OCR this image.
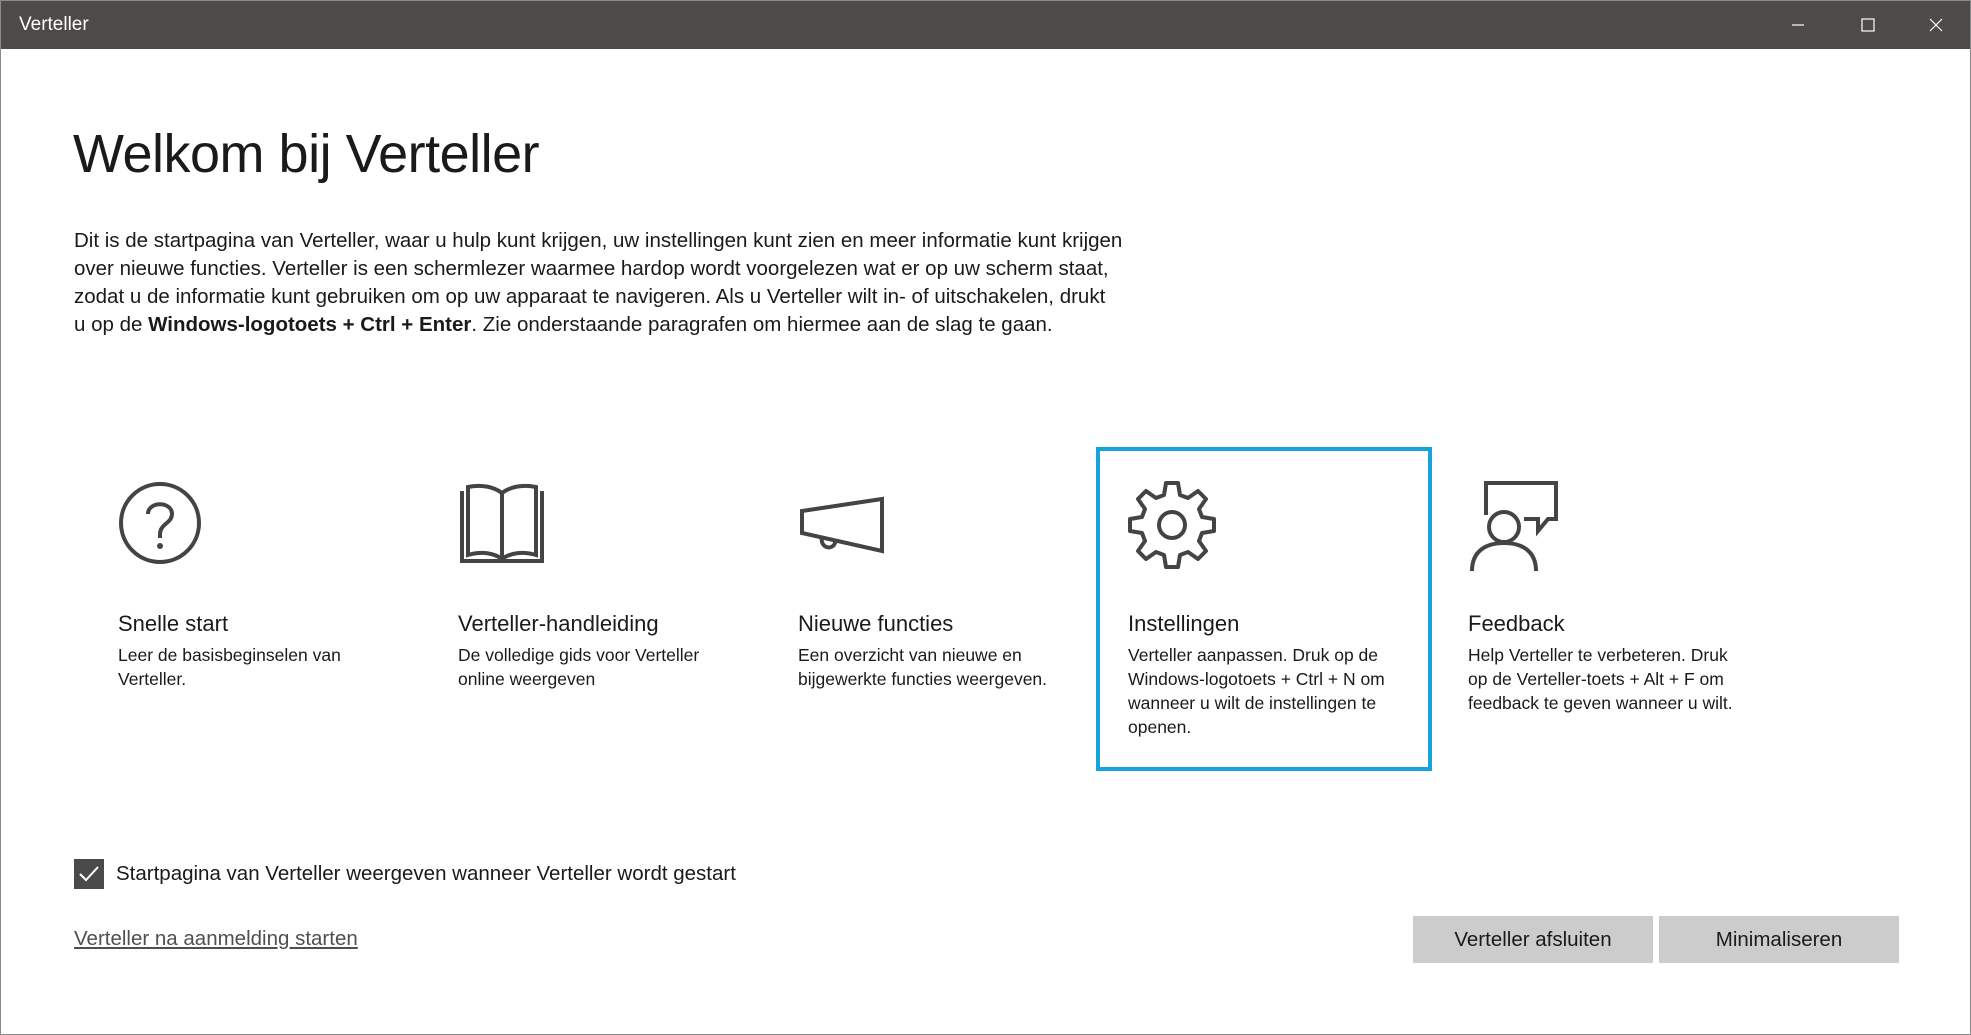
Verteller
Welkom bij Verteller

Dit is de startpagina van Verteller, waar u hulp kunt krijgen, uw instellingen kunt zien en meer informatie kunt krijgen
over nieuwe functies. Verteller is een schermlezer waarmee hardop wordt voorgelezen wat er op uw scherm staat,
zodat u de informatie kunt gebruiken om op uw apparaat te navigeren. Als u Verteller wilt in- of uitschakelen, drukt
u op de Windows-logotoets + Ctrl + Enter. Zie onderstaande paragrafen om hiermee aan de slag te gaan.

Snelle start
Leer de basisbeginselen van Verteller.
Verteller-handleiding
De volledige gids voor Verteller online weergeven
Nieuwe functies
Een overzicht van nieuwe en bijgewerkte functies weergeven.
Instellingen
Verteller aanpassen. Druk op de Windows-logotoets + Ctrl + N om wanneer u wilt de instellingen te openen.
Feedback
Help Verteller te verbeteren. Druk op de Verteller-toets + Alt + F om feedback te geven wanneer u wilt.
Startpagina van Verteller weergeven wanneer Verteller wordt gestart
Verteller na aanmelding starten	Verteller afsluiten	Minimaliseren
